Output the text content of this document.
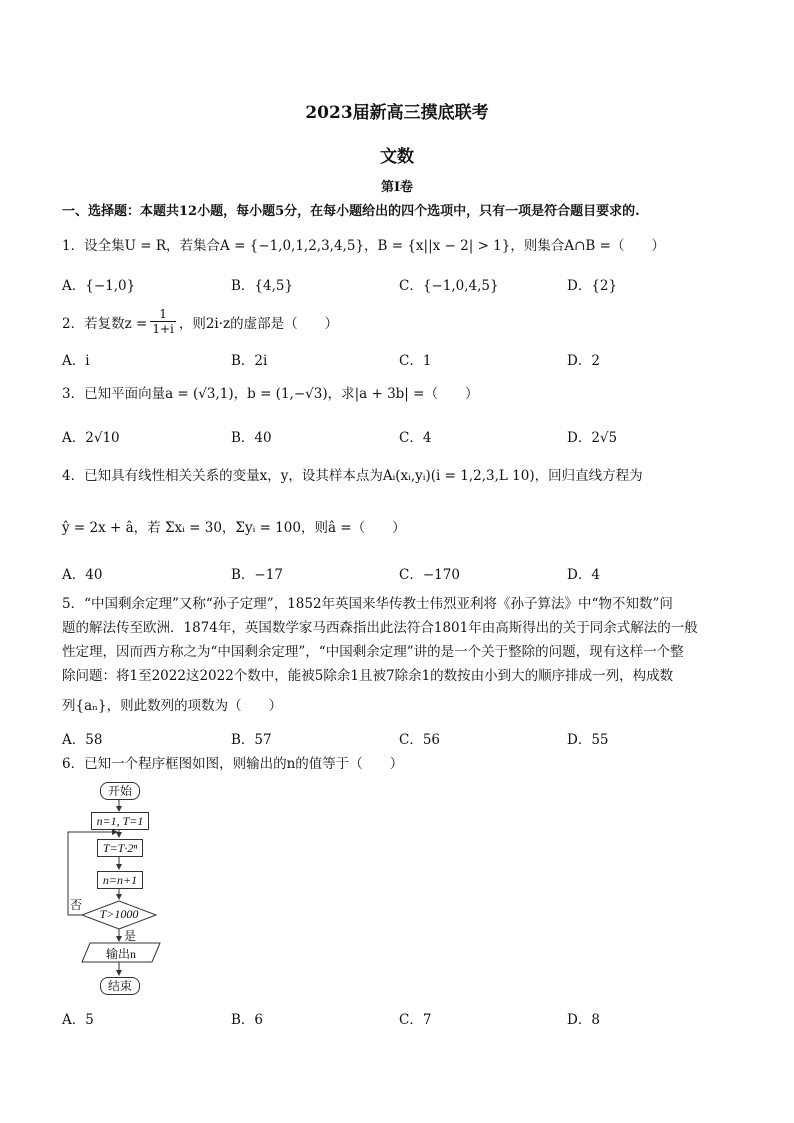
2023届新高三摸底联考
文数
第Ⅰ卷
一、选择题：本题共12小题，每小题5分，在每小题给出的四个选项中，只有一项是符合题目要求的.
1．设全集U = R，若集合A = {−1,0,1,2,3,4,5}，B = {x||x − 2| > 1}，则集合A∩B =（　　）
A．{−1,0}	B．{4,5}	C．{−1,0,4,5}	D．{2}
2．若复数$z = \frac{1}{1+i}$ ，则2i·z的虚部是（　　）
A．i	B．2i	C．1	D．2
3．已知平面向量a = (√3,1)，b = (1,−√3)，求|a + 3b| =（　　）
A．2√10	B．40	C．4	D．2√5
4．已知具有线性相关关系的变量x，y，设其样本点为Aᵢ(xᵢ,yᵢ)(i = 1,2,3,L 10)，回归直线方程为
ŷ = 2x + â，若 Σxᵢ = 30，Σyᵢ = 100，则â =（　　）
A．40	B．−17	C．−170	D．4
5．“中国剩余定理”又称“孙子定理”，1852年英国来华传教士伟烈亚利将《孙子算法》中“物不知数”问
题的解法传至欧洲．1874年，英国数学家马西森指出此法符合1801年由高斯得出的关于同余式解法的一般
性定理，因而西方称之为“中国剩余定理”，“中国剩余定理”讲的是一个关于整除的问题，现有这样一个整
除问题：将1至2022这2022个数中，能被5除余1且被7除余1的数按由小到大的顺序排成一列，构成数
列{aₙ}，则此数列的项数为（　　）
A．58	B．57	C．56	D．55
6．已知一个程序框图如图，则输出的n的值等于（　　）
开始
n=1, T=1
T=T·2ⁿ
n=n+1
T>1000
否
是
输出n
结束
A．5	B．6	C．7	D．8
